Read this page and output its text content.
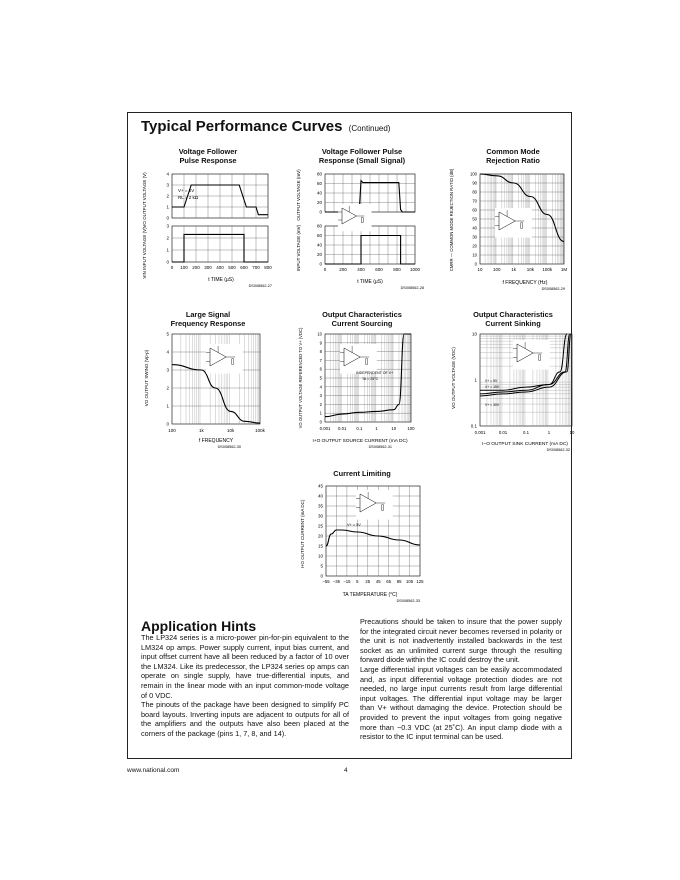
Typical Performance Curves (Continued)
Voltage Follower
Pulse Response
Voltage Follower Pulse
Response (Small Signal)
Common Mode
Rejection Ratio
Large Signal
Frequency Response
Output Characteristics
Current Sourcing
Output Characteristics
Current Sinking
Current Limiting
4
3
2
1
0
3
2
1
0
0 100 200 300 400 500 600 700 800
VO OUTPUT VOLTAGE (V)
VIN INPUT VOLTAGE (V)
V+ = 5V
RL = 2 kΩ
t TIME (µS)
DS008562-27
80
60
40
20
0
80
60
40
20
0
0	200 400 600 800 1000
OUTPUT VOLTAGE (mV)
INPUT VOLTAGE (mV)
t TIME (µS)
DS008562-28
100
90
80
70
60
50
40
30
20
10
0
10 100 1k 10k 100k 1M
CMRR — COMMON MODE REJECTION RATIO (dB)
f FREQUENCY (Hz)
DS008562-29
5
4
3
2
1
0
100	1k	10k	100k
VO OUTPUT SWING (Vp-p)
f FREQUENCY
DS008562-30
10
9
8
7
6
5
4
3
2
1
0
0.001 0.01 0.1	1	10	100
VO OUTPUT VOLTAGE REFERENCED TO V+ (VDC)	INDEPENDENT OF V+
TA = 25°C
I+O OUTPUT SOURCE CURRENT (mA DC)
DS008562-31
10
1
0.1
0.001	0.01	0.1	1	10
VO OUTPUT VOLTAGE (VDC)	V+ = 5V
V+ = 15V
V+ = 30V
I−O OUTPUT SINK CURRENT (mA DC)
DS008562-32
45
40
35
30
25
20
15
10
5
0
−55 −35 −15 5 25 45 65 85 105 125
I+O OUTPUT CURRENT (mA DC)	V+ = 5V
TA TEMPERATURE (°C)
DS008562-33
Application Hints

The LP324 series is a micro-power pin-for-pin equivalent to the LM324 op amps. Power supply current, input bias current, and input offset current have all been reduced by a factor of 10 over the LM324. Like its predecessor, the LP324 series op amps can operate on single supply, have true-differential inputs, and remain in the linear mode with an input common-mode voltage of 0 VDC.

The pinouts of the package have been designed to simplify PC board layouts. Inverting inputs are adjacent to outputs for all of the amplifiers and the outputs have also been placed at the corners of the package (pins 1, 7, 8, and 14).

Precautions should be taken to insure that the power supply for the integrated circuit never becomes reversed in polarity or the unit is not inadvertently installed backwards in the test socket as an unlimited current surge through the resulting forward diode within the IC could destroy the unit.

Large differential input voltages can be easily accommodated and, as input differential voltage protection diodes are not needed, no large input currents result from large differential input voltages. The differential input voltage may be larger than V+ without damaging the device. Protection should be provided to prevent the input voltages from going negative more than −0.3 VDC (at 25˚C). An input clamp diode with a resistor to the IC input terminal can be used.

www.national.com	4
